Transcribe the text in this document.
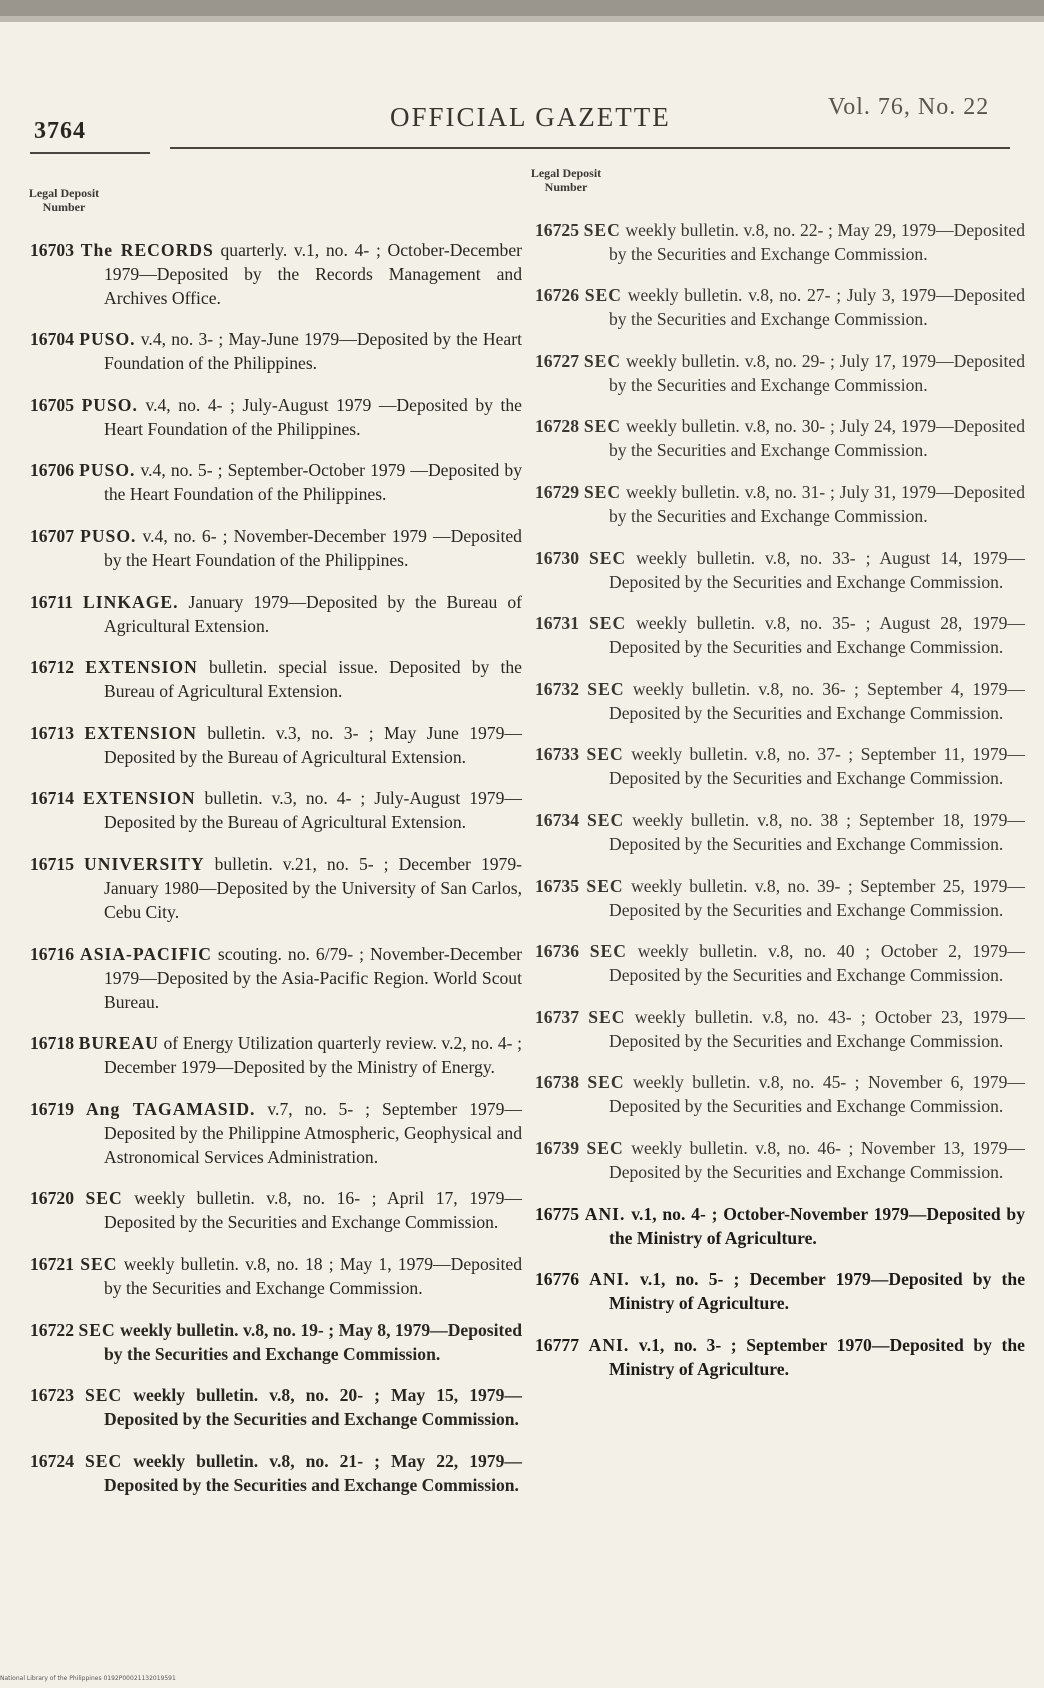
3764	OFFICIAL GAZETTE	Vol. 76, No. 22
Legal Deposit Number
Legal Deposit Number

16703 The RECORDS quarterly. v.1, no. 4- ; October-December 1979—Deposited by the Records Management and Archives Office.

16704 PUSO. v.4, no. 3- ; May-June 1979—Deposited by the Heart Foundation of the Philippines.

16705 PUSO. v.4, no. 4- ; July-August 1979 —Deposited by the Heart Foundation of the Philippines.

16706 PUSO. v.4, no. 5- ; September-October 1979 —Deposited by the Heart Foundation of the Philippines.

16707 PUSO. v.4, no. 6- ; November-December 1979 —Deposited by the Heart Foundation of the Philippines.

16711 LINKAGE. January 1979—Deposited by the Bureau of Agricultural Extension.

16712 EXTENSION bulletin. special issue. Deposited by the Bureau of Agricultural Extension.

16713 EXTENSION bulletin. v.3, no. 3- ; May June 1979—Deposited by the Bureau of Agricultural Extension.

16714 EXTENSION bulletin. v.3, no. 4- ; July-August 1979—Deposited by the Bureau of Agricultural Extension.

16715 UNIVERSITY bulletin. v.21, no. 5- ; December 1979-January 1980—Deposited by the University of San Carlos, Cebu City.

16716 ASIA-PACIFIC scouting. no. 6/79- ; November-December 1979—Deposited by the Asia-Pacific Region. World Scout Bureau.

16718 BUREAU of Energy Utilization quarterly review. v.2, no. 4- ; December 1979—Deposited by the Ministry of Energy.

16719 Ang TAGAMASID. v.7, no. 5- ; September 1979—Deposited by the Philippine Atmospheric, Geophysical and Astronomical Services Administration.

16720 SEC weekly bulletin. v.8, no. 16- ; April 17, 1979—Deposited by the Securities and Exchange Commission.

16721 SEC weekly bulletin. v.8, no. 18 ; May 1, 1979—Deposited by the Securities and Exchange Commission.

16722 SEC weekly bulletin. v.8, no. 19- ; May 8, 1979—Deposited by the Securities and Exchange Commission.

16723 SEC weekly bulletin. v.8, no. 20- ; May 15, 1979—Deposited by the Securities and Exchange Commission.

16724 SEC weekly bulletin. v.8, no. 21- ; May 22, 1979—Deposited by the Securities and Exchange Commission.

16725 SEC weekly bulletin. v.8, no. 22- ; May 29, 1979—Deposited by the Securities and Exchange Commission.

16726 SEC weekly bulletin. v.8, no. 27- ; July 3, 1979—Deposited by the Securities and Exchange Commission.

16727 SEC weekly bulletin. v.8, no. 29- ; July 17, 1979—Deposited by the Securities and Exchange Commission.

16728 SEC weekly bulletin. v.8, no. 30- ; July 24, 1979—Deposited by the Securities and Exchange Commission.

16729 SEC weekly bulletin. v.8, no. 31- ; July 31, 1979—Deposited by the Securities and Exchange Commission.

16730 SEC weekly bulletin. v.8, no. 33- ; August 14, 1979—Deposited by the Securities and Exchange Commission.

16731 SEC weekly bulletin. v.8, no. 35- ; August 28, 1979—Deposited by the Securities and Exchange Commission.

16732 SEC weekly bulletin. v.8, no. 36- ; September 4, 1979—Deposited by the Securities and Exchange Commission.

16733 SEC weekly bulletin. v.8, no. 37- ; September 11, 1979—Deposited by the Securities and Exchange Commission.

16734 SEC weekly bulletin. v.8, no. 38 ; September 18, 1979—Deposited by the Securities and Exchange Commission.

16735 SEC weekly bulletin. v.8, no. 39- ; September 25, 1979—Deposited by the Securities and Exchange Commission.

16736 SEC weekly bulletin. v.8, no. 40 ; October 2, 1979—Deposited by the Securities and Exchange Commission.

16737 SEC weekly bulletin. v.8, no. 43- ; October 23, 1979—Deposited by the Securities and Exchange Commission.

16738 SEC weekly bulletin. v.8, no. 45- ; November 6, 1979—Deposited by the Securities and Exchange Commission.

16739 SEC weekly bulletin. v.8, no. 46- ; November 13, 1979—Deposited by the Securities and Exchange Commission.

16775 ANI. v.1, no. 4- ; October-November 1979—Deposited by the Ministry of Agriculture.

16776 ANI. v.1, no. 5- ; December 1979—Deposited by the Ministry of Agriculture.

16777 ANI. v.1, no. 3- ; September 1970—Deposited by the Ministry of Agriculture.

National Library of the Philippines 0192P00021132019591
